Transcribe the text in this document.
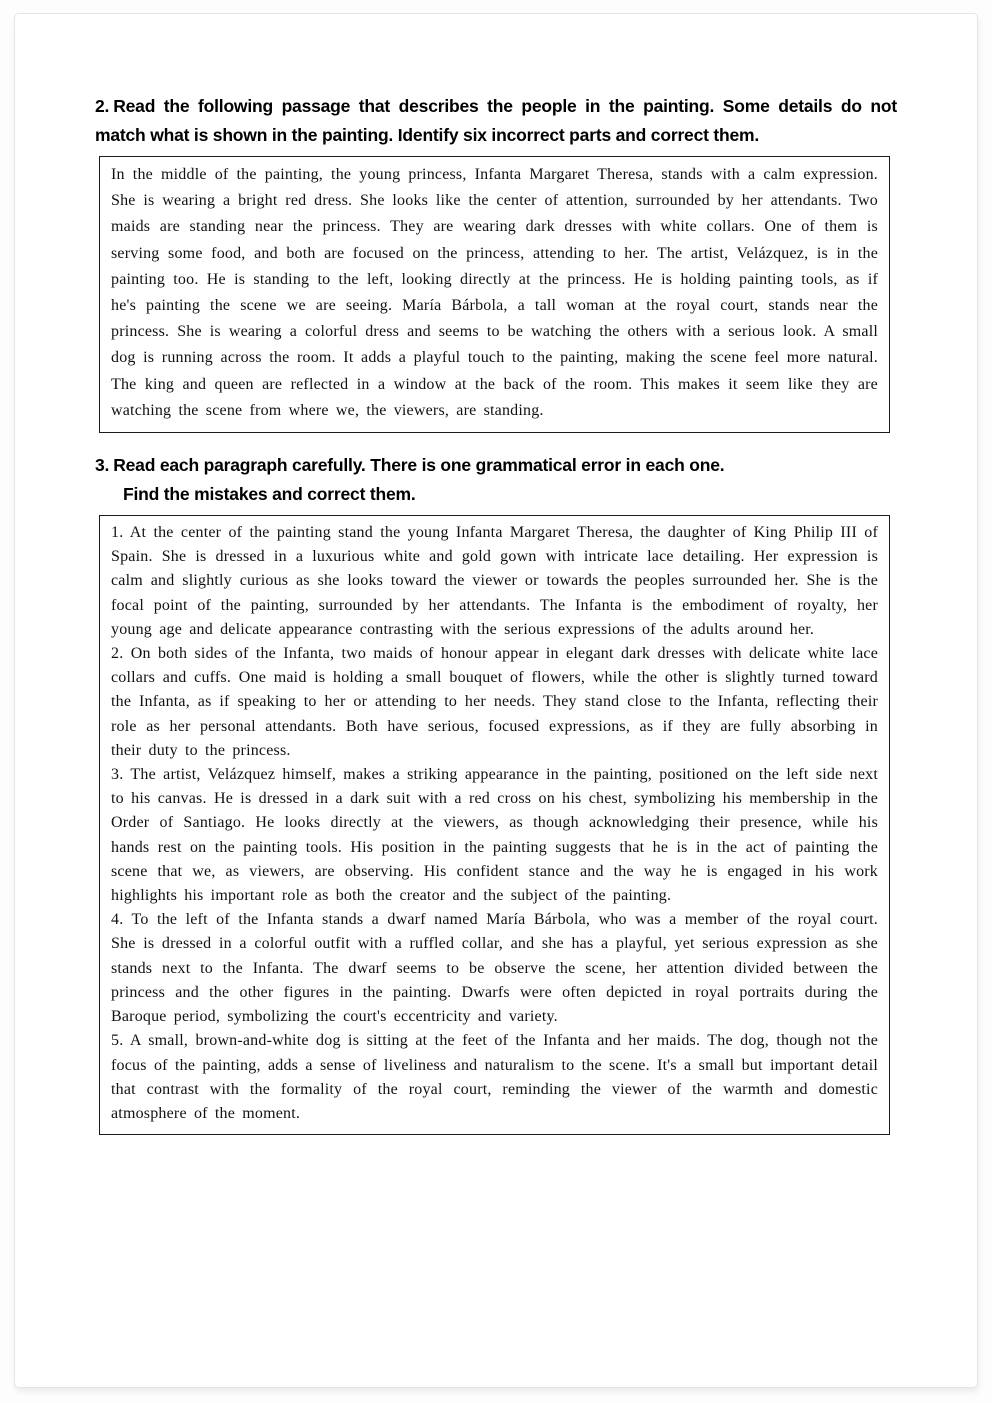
2. Read the following passage that describes the people in the painting. Some details do not match what is shown in the painting. Identify six incorrect parts and correct them.

In the middle of the painting, the young princess, Infanta Margaret Theresa, stands with a calm expression. She is wearing a bright red dress. She looks like the center of attention, surrounded by her attendants. Two maids are standing near the princess. They are wearing dark dresses with white collars. One of them is serving some food, and both are focused on the princess, attending to her. The artist, Velázquez, is in the painting too. He is standing to the left, looking directly at the princess. He is holding painting tools, as if he's painting the scene we are seeing. María Bárbola, a tall woman at the royal court, stands near the princess. She is wearing a colorful dress and seems to be watching the others with a serious look. A small dog is running across the room. It adds a playful touch to the painting, making the scene feel more natural. The king and queen are reflected in a window at the back of the room. This makes it seem like they are watching the scene from where we, the viewers, are standing.

3. Read each paragraph carefully. There is one grammatical error in each one.
Find the mistakes and correct them.

1. At the center of the painting stand the young Infanta Margaret Theresa, the daughter of King Philip III of Spain. She is dressed in a luxurious white and gold gown with intricate lace detailing. Her expression is calm and slightly curious as she looks toward the viewer or towards the peoples surrounded her. She is the focal point of the painting, surrounded by her attendants. The Infanta is the embodiment of royalty, her young age and delicate appearance contrasting with the serious expressions of the adults around her.

2. On both sides of the Infanta, two maids of honour appear in elegant dark dresses with delicate white lace collars and cuffs. One maid is holding a small bouquet of flowers, while the other is slightly turned toward the Infanta, as if speaking to her or attending to her needs. They stand close to the Infanta, reflecting their role as her personal attendants. Both have serious, focused expressions, as if they are fully absorbing in their duty to the princess.

3. The artist, Velázquez himself, makes a striking appearance in the painting, positioned on the left side next to his canvas. He is dressed in a dark suit with a red cross on his chest, symbolizing his membership in the Order of Santiago. He looks directly at the viewers, as though acknowledging their presence, while his hands rest on the painting tools. His position in the painting suggests that he is in the act of painting the scene that we, as viewers, are observing. His confident stance and the way he is engaged in his work highlights his important role as both the creator and the subject of the painting.

4. To the left of the Infanta stands a dwarf named María Bárbola, who was a member of the royal court. She is dressed in a colorful outfit with a ruffled collar, and she has a playful, yet serious expression as she stands next to the Infanta. The dwarf seems to be observe the scene, her attention divided between the princess and the other figures in the painting. Dwarfs were often depicted in royal portraits during the Baroque period, symbolizing the court's eccentricity and variety.

5. A small, brown-and-white dog is sitting at the feet of the Infanta and her maids. The dog, though not the focus of the painting, adds a sense of liveliness and naturalism to the scene. It's a small but important detail that contrast with the formality of the royal court, reminding the viewer of the warmth and domestic atmosphere of the moment.
